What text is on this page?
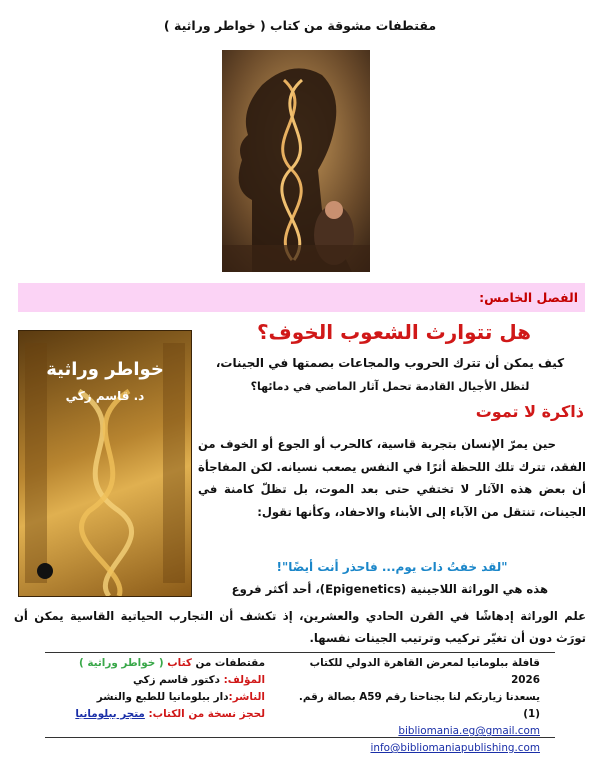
مقتطفات مشوقة من كتاب ( خواطر وراثية )
الفصل الخامس:
خواطر وراثية
د. قاسم زكي
هل تتوارث الشعوب الخوف؟
كيف يمكن أن تترك الحروب والمجاعات بصمتها في الجينات،
لتظل الأجيال القادمة تحمل آثار الماضي في دمائها؟
ذاكرة لا تموت
حين يمرّ الإنسان بتجربة قاسية، كالحرب أو الجوع أو الخوف من الفقد، تترك تلك اللحظة أثرًا في النفس يصعب نسيانه. لكن المفاجأة أن بعض هذه الآثار لا تختفي حتى بعد الموت، بل تظلّ كامنة في الجينات، تنتقل من الآباء إلى الأبناء والاحفاد، وكأنها تقول:
"لقد خفتُ ذات يوم... فاحذر أنت أيضًا"!
هذه هي الوراثة اللاجينية (Epigenetics)، أحد أكثر فروع
علم الوراثة إدهاشًا في القرن الحادي والعشرين، إذ تكشف أن التجارب الحياتية القاسية يمكن أن تورَث دون أن تغيّر تركيب وترتيب الجينات نفسها.
قافلة ببلومانيا لمعرض القاهرة الدولي للكتاب 2026
يسعدنا زيارتكم لنا بجناحنا رقم A59 بصالة رقم.(1)
bibliomania.eg@gmail.com
info@bibliomaniapublishing.com
مقتطفات من كتاب ( خواطر وراثية )
المؤلف: دكتور قاسم زكي
الناشر:دار ببلومانيا للطبع والنشر
لحجز نسخة من الكتاب: متجر ببلومانيا
